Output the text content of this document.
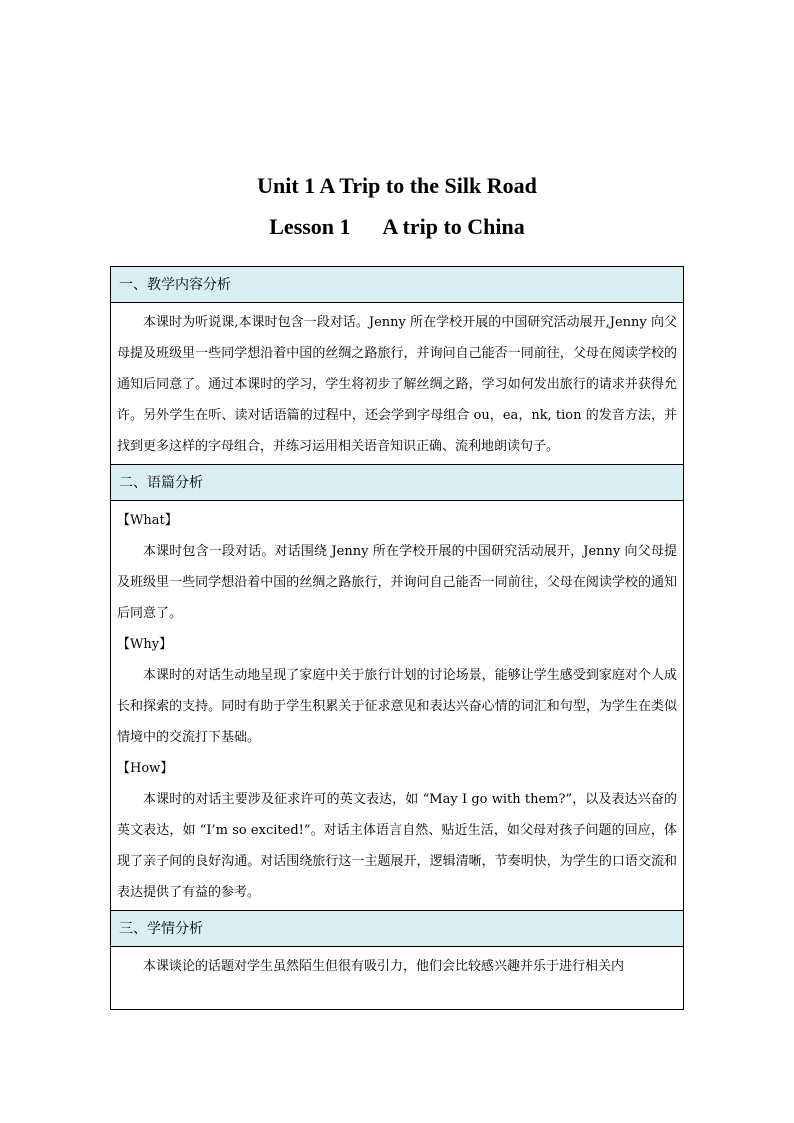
Unit 1 A Trip to the Silk Road
Lesson 1      A trip to China
一、教学内容分析

本课时为听说课,本课时包含一段对话。Jenny 所在学校开展的中国研究活动展开,Jenny 向父母提及班级里一些同学想沿着中国的丝绸之路旅行，并询问自己能否一同前往，父母在阅读学校的通知后同意了。通过本课时的学习，学生将初步了解丝绸之路，学习如何发出旅行的请求并获得允许。另外学生在听、读对话语篇的过程中，还会学到字母组合 ou，ea，nk, tion 的发音方法，并找到更多这样的字母组合，并练习运用相关语音知识正确、流利地朗读句子。

二、语篇分析

【What】

本课时包含一段对话。对话围绕 Jenny 所在学校开展的中国研究活动展开，Jenny 向父母提及班级里一些同学想沿着中国的丝绸之路旅行，并询问自己能否一同前往，父母在阅读学校的通知后同意了。

【Why】

本课时的对话生动地呈现了家庭中关于旅行计划的讨论场景，能够让学生感受到家庭对个人成长和探索的支持。同时有助于学生积累关于征求意见和表达兴奋心情的词汇和句型，为学生在类似情境中的交流打下基础。

【How】

本课时的对话主要涉及征求许可的英文表达，如 “May I go with them?”，以及表达兴奋的英文表达，如 “I’m so excited!”。对话主体语言自然、贴近生活，如父母对孩子问题的回应，体现了亲子间的良好沟通。对话围绕旅行这一主题展开，逻辑清晰，节奏明快，为学生的口语交流和表达提供了有益的参考。

三、学情分析

本课谈论的话题对学生虽然陌生但很有吸引力，他们会比较感兴趣并乐于进行相关内
